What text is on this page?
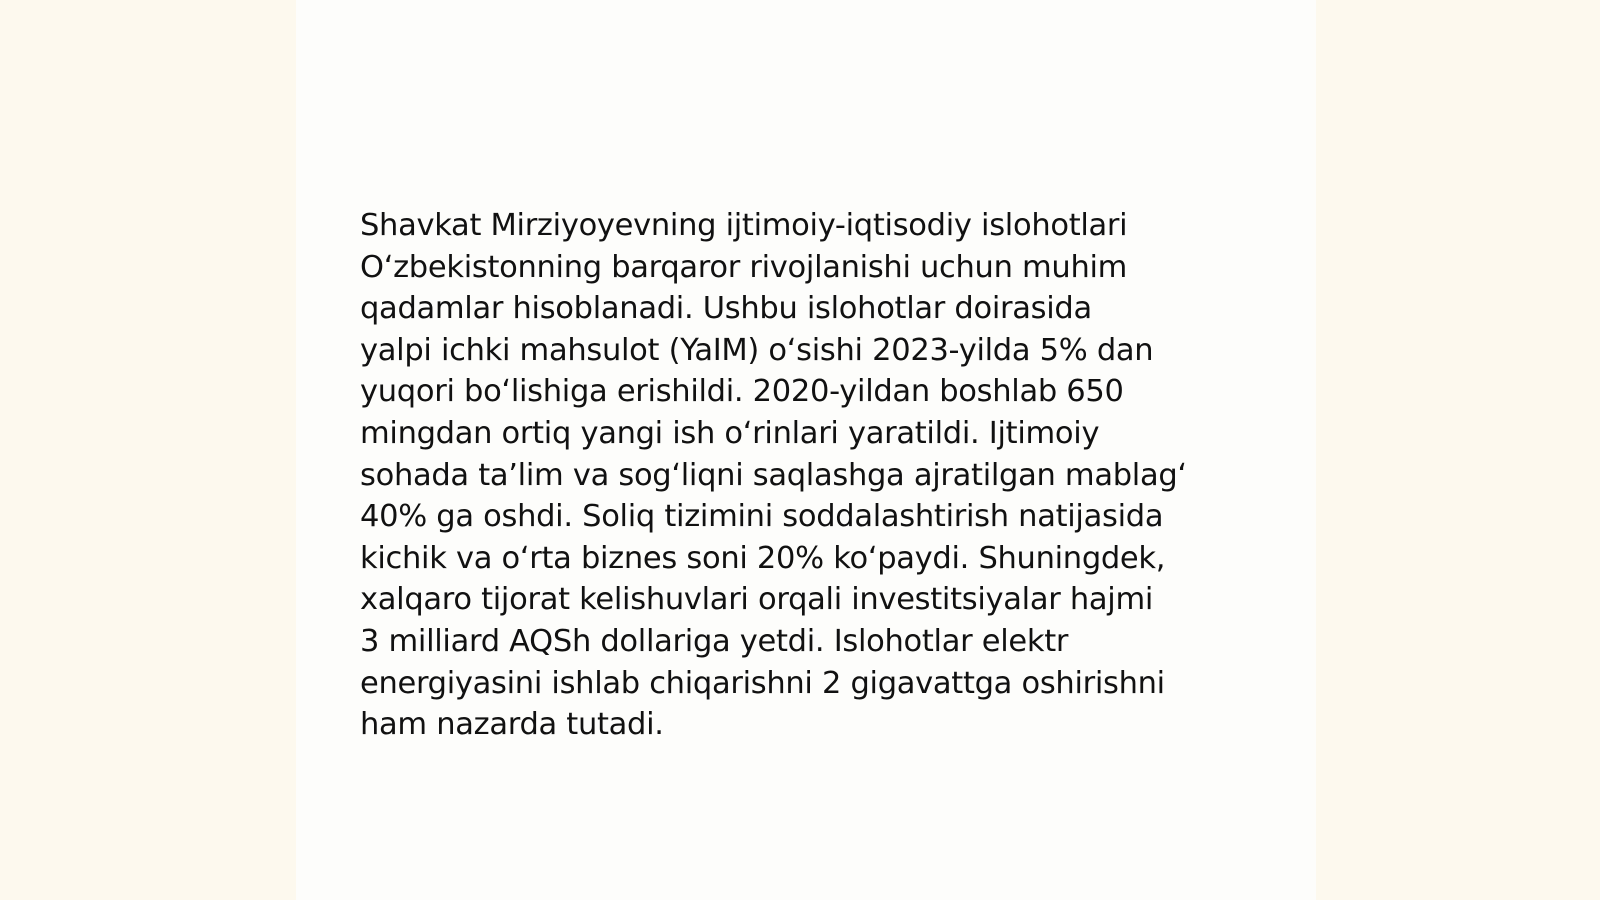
Shavkat Mirziyoyevning ijtimoiy-iqtisodiy islohotlari
O‘zbekistonning barqaror rivojlanishi uchun muhim
qadamlar hisoblanadi. Ushbu islohotlar doirasida
yalpi ichki mahsulot (YaIM) o‘sishi 2023-yilda 5% dan
yuqori bo‘lishiga erishildi. 2020-yildan boshlab 650
mingdan ortiq yangi ish o‘rinlari yaratildi. Ijtimoiy
sohada ta’lim va sog‘liqni saqlashga ajratilgan mablag‘
40% ga oshdi. Soliq tizimini soddalashtirish natijasida
kichik va o‘rta biznes soni 20% ko‘paydi. Shuningdek,
xalqaro tijorat kelishuvlari orqali investitsiyalar hajmi
3 milliard AQSh dollariga yetdi. Islohotlar elektr
energiyasini ishlab chiqarishni 2 gigavattga oshirishni
ham nazarda tutadi.
